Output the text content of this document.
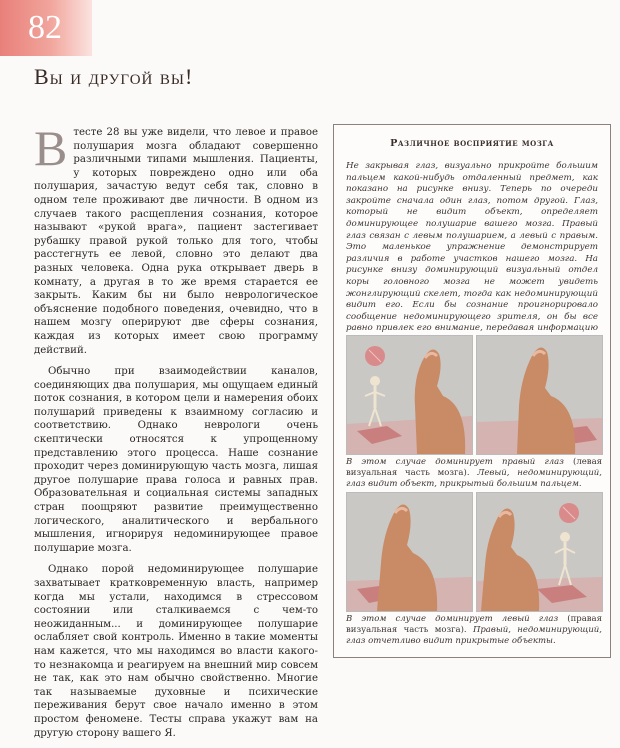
82
Вы и другой вы!

Втесте 28 вы уже видели, что левое и правое полушария мозга обладают совершенно различными типами мышления. Пациенты, у которых повреждено одно или оба полушария, зачастую ведут себя так, словно в одном теле проживают две личности. В одном из случаев такого расщепления сознания, которое называют «рукой врага», пациент застегивает рубашку правой рукой только для того, чтобы расстегнуть ее левой, словно это делают два разных человека. Одна рука открывает дверь в комнату, а другая в то же время старается ее закрыть. Каким бы ни было неврологическое объяснение подобного поведения, очевидно, что в нашем мозгу оперируют две сферы сознания, каждая из которых имеет свою программу действий.

Обычно при взаимодействии каналов, соединяющих два полушария, мы ощущаем единый поток сознания, в котором цели и намерения обоих полушарий приведены к взаимному согласию и соответствию. Однако неврологи очень скептически относятся к упрощенному представлению этого процесса. Наше сознание проходит через доминирующую часть мозга, лишая другое полушарие права голоса и равных прав. Образовательная и социальная системы западных стран поощряют развитие преимущественно логического, аналитического и вербального мышления, игнорируя недоминирующее правое полушарие мозга.

Однако порой недоминирующее полушарие захватывает кратковременную власть, например когда мы устали, находимся в стрессовом состоянии или сталкиваемся с чем-то неожиданным... и доминирующее полушарие ослабляет свой контроль. Именно в такие моменты нам кажется, что мы находимся во власти какого-то незнакомца и реагируем на внешний мир совсем не так, как это нам обычно свойственно. Многие так называемые духовные и психические переживания берут свое начало именно в этом простом феномене. Тесты справа укажут вам на другую сторону вашего Я.

Различное восприятие мозга
Не закрывая глаз, визуально прикройте большим пальцем какой-нибудь отдаленный предмет, как показано на рисунке внизу. Теперь по очереди закройте сначала один глаз, потом другой. Глаз, который не видит объект, определяет доминирующее полушарие вашего мозга. Правый глаз связан с левым полушарием, а левый с правым. Это маленькое упражнение демонстрирует различия в работе участков нашего мозга. На рисунке внизу доминирующий визуальный отдел коры головного мозга не может увидеть жонглирующий скелет, тогда как недоминирующий видит его. Если бы сознание проигнорировало сообщение недоминирующего зрителя, он бы все равно привлек его внимание, передавая информацию
В этом случае доминирует правый глаз (левая визуальная часть мозга). Левый, недоминирующий, глаз видит объект, прикрытый большим пальцем.
В этом случае доминирует левый глаз (правая визуальная часть мозга). Правый, недоминирующий, глаз отчетливо видит прикрытые объекты.
